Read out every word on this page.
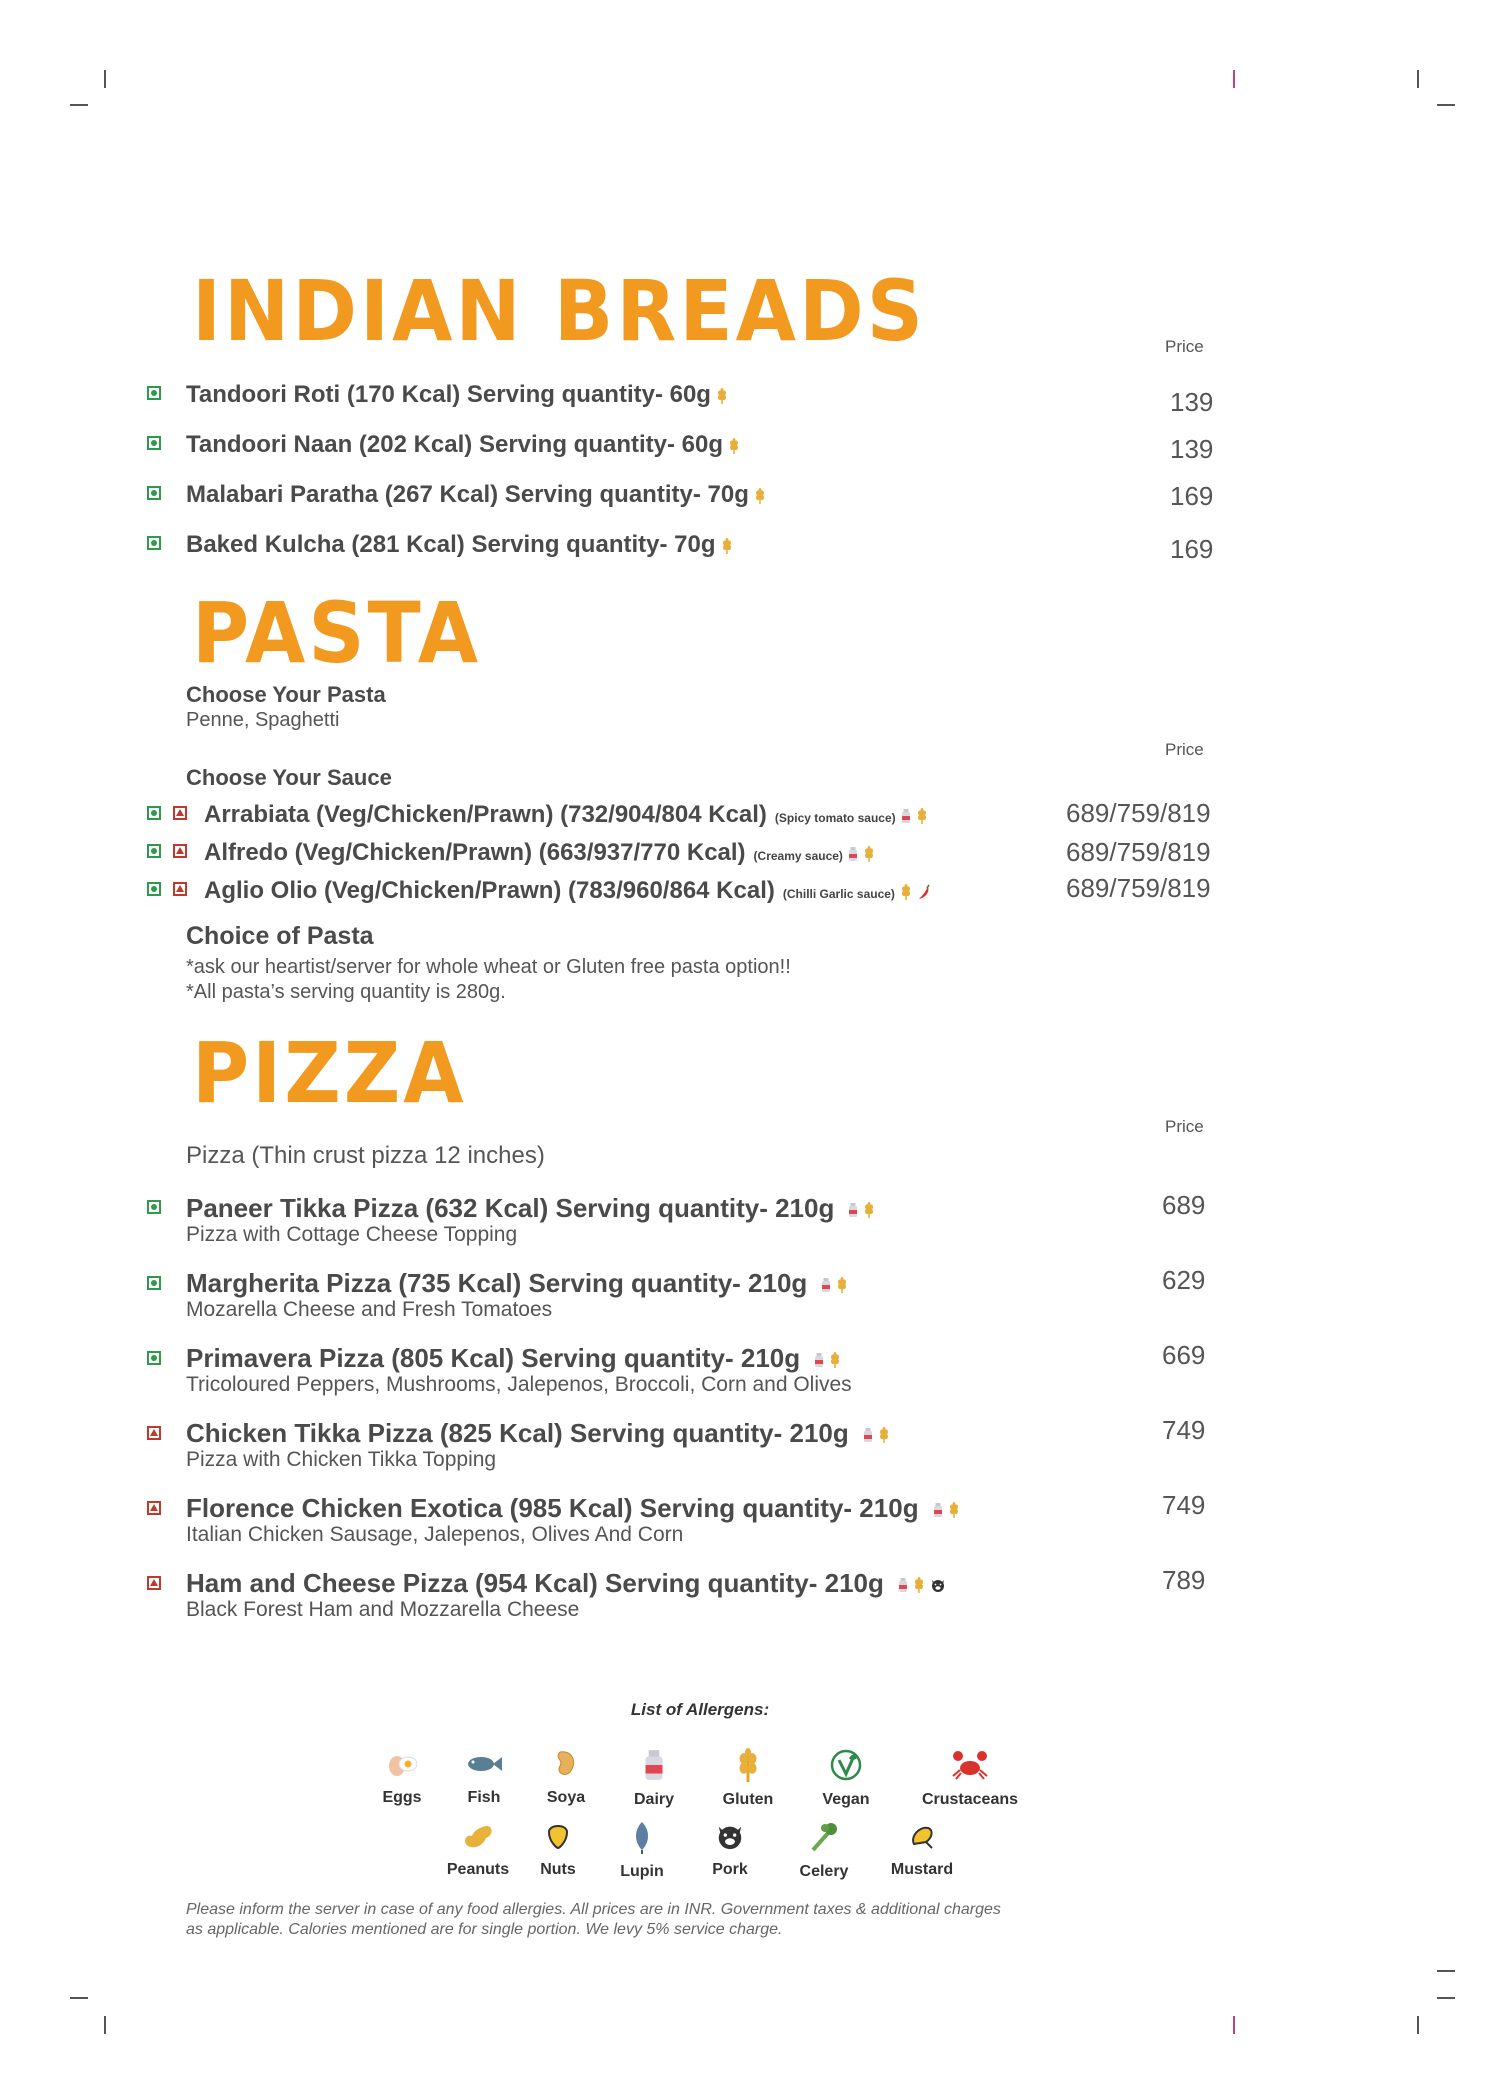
INDIAN BREADS	Price
Tandoori Roti (170 Kcal) Serving quantity- 60g	139
Tandoori Naan (202 Kcal) Serving quantity- 60g	139
Malabari Paratha (267 Kcal) Serving quantity- 70g	169
Baked Kulcha (281 Kcal) Serving quantity- 70g	169
PASTA
Choose Your Pasta
Penne, Spaghetti
Price
Choose Your Sauce
Arrabiata (Veg/Chicken/Prawn) (732/904/804 Kcal) (Spicy tomato sauce)	689/759/819
Alfredo (Veg/Chicken/Prawn) (663/937/770 Kcal) (Creamy sauce)	689/759/819
Aglio Olio (Veg/Chicken/Prawn) (783/960/864 Kcal) (Chilli Garlic sauce)	689/759/819
Choice of Pasta
*ask our heartist/server for whole wheat or Gluten free pasta option!!
*All pasta’s serving quantity is 280g.
PIZZA
Price
Pizza (Thin crust pizza 12 inches)
Paneer Tikka Pizza (632 Kcal) Serving quantity- 210g
Pizza with Cottage Cheese Topping
689
Margherita Pizza (735 Kcal) Serving quantity- 210g
Mozarella Cheese and Fresh Tomatoes
629
Primavera Pizza (805 Kcal) Serving quantity- 210g
Tricoloured Peppers, Mushrooms, Jalepenos, Broccoli, Corn and Olives
669
Chicken Tikka Pizza (825 Kcal) Serving quantity- 210g
Pizza with Chicken Tikka Topping
749
Florence Chicken Exotica (985 Kcal) Serving quantity- 210g
Italian Chicken Sausage, Jalepenos, Olives And Corn
749
Ham and Cheese Pizza (954 Kcal) Serving quantity- 210g
Black Forest Ham and Mozzarella Cheese
789
List of Allergens:
Eggs	Fish	Soya	Dairy	Gluten	Vegan	Crustaceans
Peanuts	Nuts	Lupin	Pork	Celery	Mustard
Please inform the server in case of any food allergies. All prices are in INR. Government taxes & additional charges
as applicable. Calories mentioned are for single portion. We levy 5% service charge.
